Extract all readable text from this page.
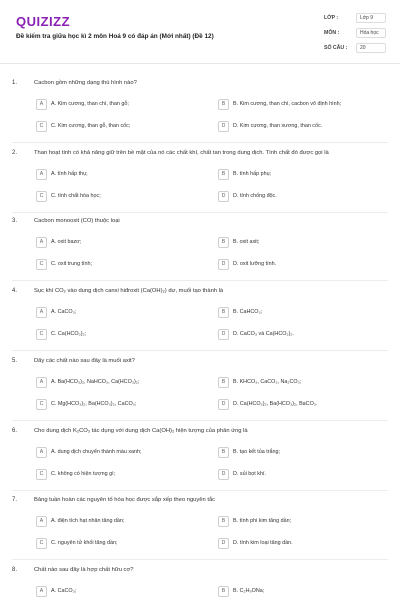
QUIZIZZ
Đề kiểm tra giữa học kì 2 môn Hoá 9 có đáp án (Mới nhất) (Đề 12)
LỚP :	Lớp 9
MÔN :	Hóa học
SỐ CÂU :	20
1.	Cacbon gồm những dạng thù hình nào?
A	A. Kim cương, than chì, than gỗ;	B	B. Kim cương, than chì, cacbon vô định hình;
C	C. Kim cương, than gỗ, than cốc;	D	D. Kim cương, than xương, than cốc.
2.	Than hoạt tính có khả năng giữ trên bề mặt của nó các chất khí, chất tan trong dung dịch. Tính chất đó được gọi là
A	A. tính hấp thụ;	B	B. tính hấp phụ;
C	C. tính chất hóa học;	D	D. tính chống độc.
3.	Cacbon monooxit (CO) thuộc loại
A	A. oxit bazơ;	B	B. oxit axit;
C	C. oxit trung tính;	D	D. oxit lưỡng tính.
4.	Sục khí CO₂ vào dung dịch canxi hiđroxit (Ca(OH)₂) dư, muối tạo thành là
A	A. CaCO₃;	B	B. CaHCO₃;
C	C. Ca(HCO₃)₂;	D	D. CaCO₃ và Ca(HCO₃)₂.
5.	Dãy các chất nào sau đây là muối axit?
A	A. Ba(HCO₃)₂, NaHCO₃, Ca(HCO₃)₂;	B	B. KHCO₃, CaCO₃, Na₂CO₃;
C	C. Mg(HCO₃)₂, Ba(HCO₃)₂, CaCO₃;	D	D. Ca(HCO₃)₂, Ba(HCO₃)₂, BaCO₃.
6.	Cho dung dịch K₂CO₃ tác dụng với dung dịch Ca(OH)₂ hiện tượng của phản ứng là
A	A. dung dịch chuyển thành màu xanh;	B	B. tạo kết tủa trắng;
C	C. không có hiện tượng gì;	D	D. sủi bọt khí.
7.	Bảng tuần hoàn các nguyên tố hóa học được sắp xếp theo nguyên tắc
A	A. điện tích hạt nhân tăng dần;	B	B. tính phi kim tăng dần;
C	C. nguyên tử khối tăng dần;	D	D. tính kim loại tăng dần.
8.	Chất nào sau đây là hợp chất hữu cơ?
A	A. CaCO₃;	B	B. C₂H₅ONa;
